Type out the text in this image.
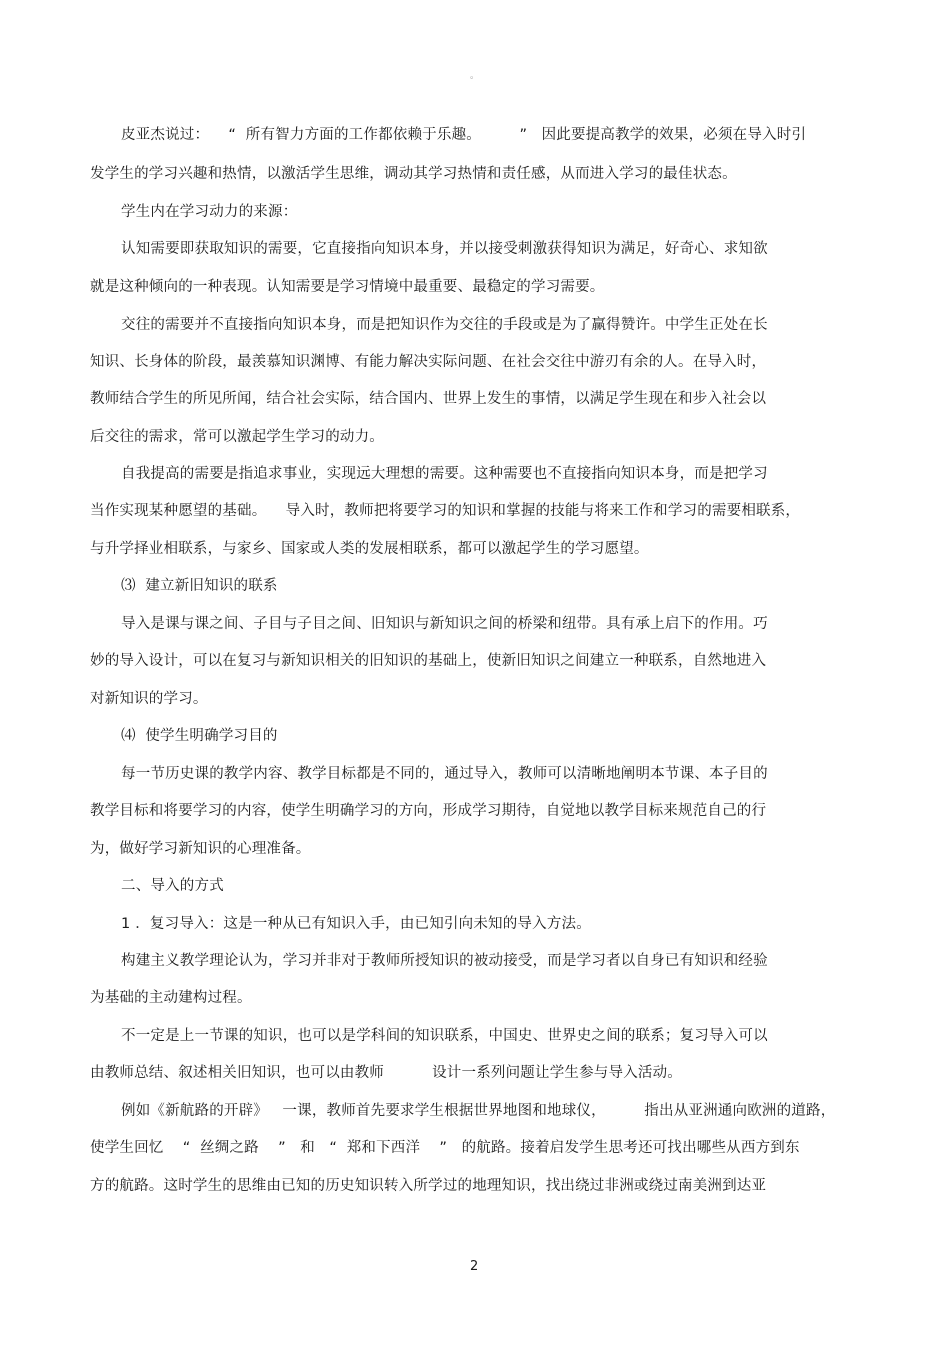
。
皮亚杰说过：    “  所有智力方面的工作都依赖于乐趣。        ”   因此要提高教学的效果，必须在导入时引
发学生的学习兴趣和热情，以激活学生思维，调动其学习热情和责任感，从而进入学习的最佳状态。
学生内在学习动力的来源：
认知需要即获取知识的需要，它直接指向知识本身，并以接受刺激获得知识为满足，好奇心、求知欲
就是这种倾向的一种表现。认知需要是学习情境中最重要、最稳定的学习需要。
交往的需要并不直接指向知识本身，而是把知识作为交往的手段或是为了赢得赞许。中学生正处在长
知识、长身体的阶段，最羡慕知识渊博、有能力解决实际问题、在社会交往中游刃有余的人。在导入时，
教师结合学生的所见所闻，结合社会实际，结合国内、世界上发生的事情，以满足学生现在和步入社会以
后交往的需求，常可以激起学生学习的动力。
自我提高的需要是指追求事业，实现远大理想的需要。这种需要也不直接指向知识本身，而是把学习
当作实现某种愿望的基础。    导入时，教师把将要学习的知识和掌握的技能与将来工作和学习的需要相联系，
与升学择业相联系，与家乡、国家或人类的发展相联系，都可以激起学生的学习愿望。
⑶  建立新旧知识的联系
导入是课与课之间、子目与子目之间、旧知识与新知识之间的桥梁和纽带。具有承上启下的作用。巧
妙的导入设计，可以在复习与新知识相关的旧知识的基础上，使新旧知识之间建立一种联系，自然地进入
对新知识的学习。
⑷  使学生明确学习目的
每一节历史课的教学内容、教学目标都是不同的，通过导入，教师可以清晰地阐明本节课、本子目的
教学目标和将要学习的内容，使学生明确学习的方向，形成学习期待，自觉地以教学目标来规范自己的行
为，做好学习新知识的心理准备。
二、导入的方式
1 ．复习导入：这是一种从已有知识入手，由已知引向未知的导入方法。
构建主义教学理论认为，学习并非对于教师所授知识的被动接受，而是学习者以自身已有知识和经验
为基础的主动建构过程。
不一定是上一节课的知识，也可以是学科间的知识联系，中国史、世界史之间的联系；复习导入可以
由教师总结、叙述相关旧知识，也可以由教师          设计一系列问题让学生参与导入活动。
例如《新航路的开辟》   一课，教师首先要求学生根据世界地图和地球仪，        指出从亚洲通向欧洲的道路，
使学生回忆    “  丝绸之路    ”   和   “  郑和下西洋    ”   的航路。接着启发学生思考还可找出哪些从西方到东
方的航路。这时学生的思维由已知的历史知识转入所学过的地理知识，找出绕过非洲或绕过南美洲到达亚
2
